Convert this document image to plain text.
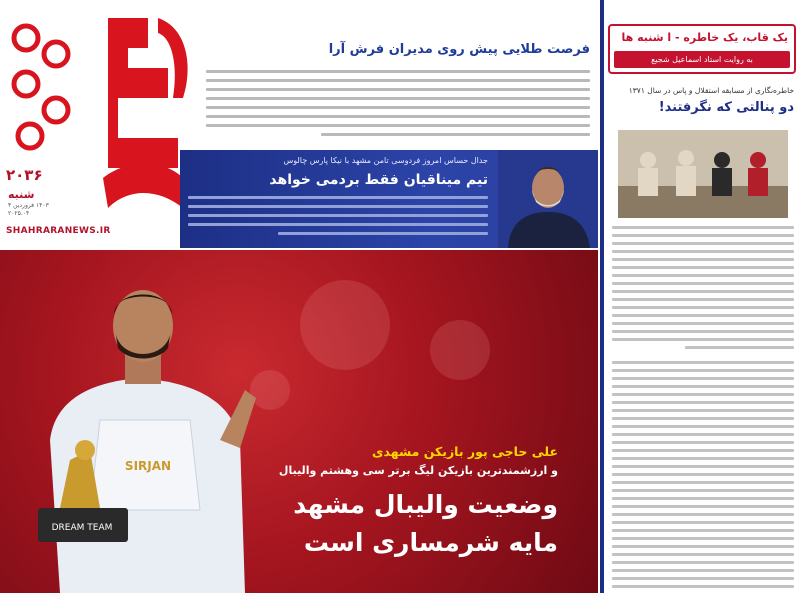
۲۰۳۶
شنبه
۱۴۰۳ فروردین ۴
۲۰۲۵.۰۴
SHAHRARANEWS.IR
فرصت طلایی پیش روی مدیران فرش آرا
جدال حساس امروز فردوسی تامن مشهد با نیکا پارس چالوس
تیم میناقیان فقط بردمی خواهد
SIRJAN
DREAM TEAM
علی حاجی پور بازیکن مشهدی
و ارزشمندترین بازیکن لیگ برتر سی وهشتم والیبال
وضعیت والیبال مشهد
مایه شرمساری است
یک قاب، یک خاطره - ا شنبه ها
به روایت استاد اسماعیل شجیع
خاطره‌نگاری از مسابقه استقلال و پاس در سال ۱۳۷۱
دو پنالتی که نگرفتند!
